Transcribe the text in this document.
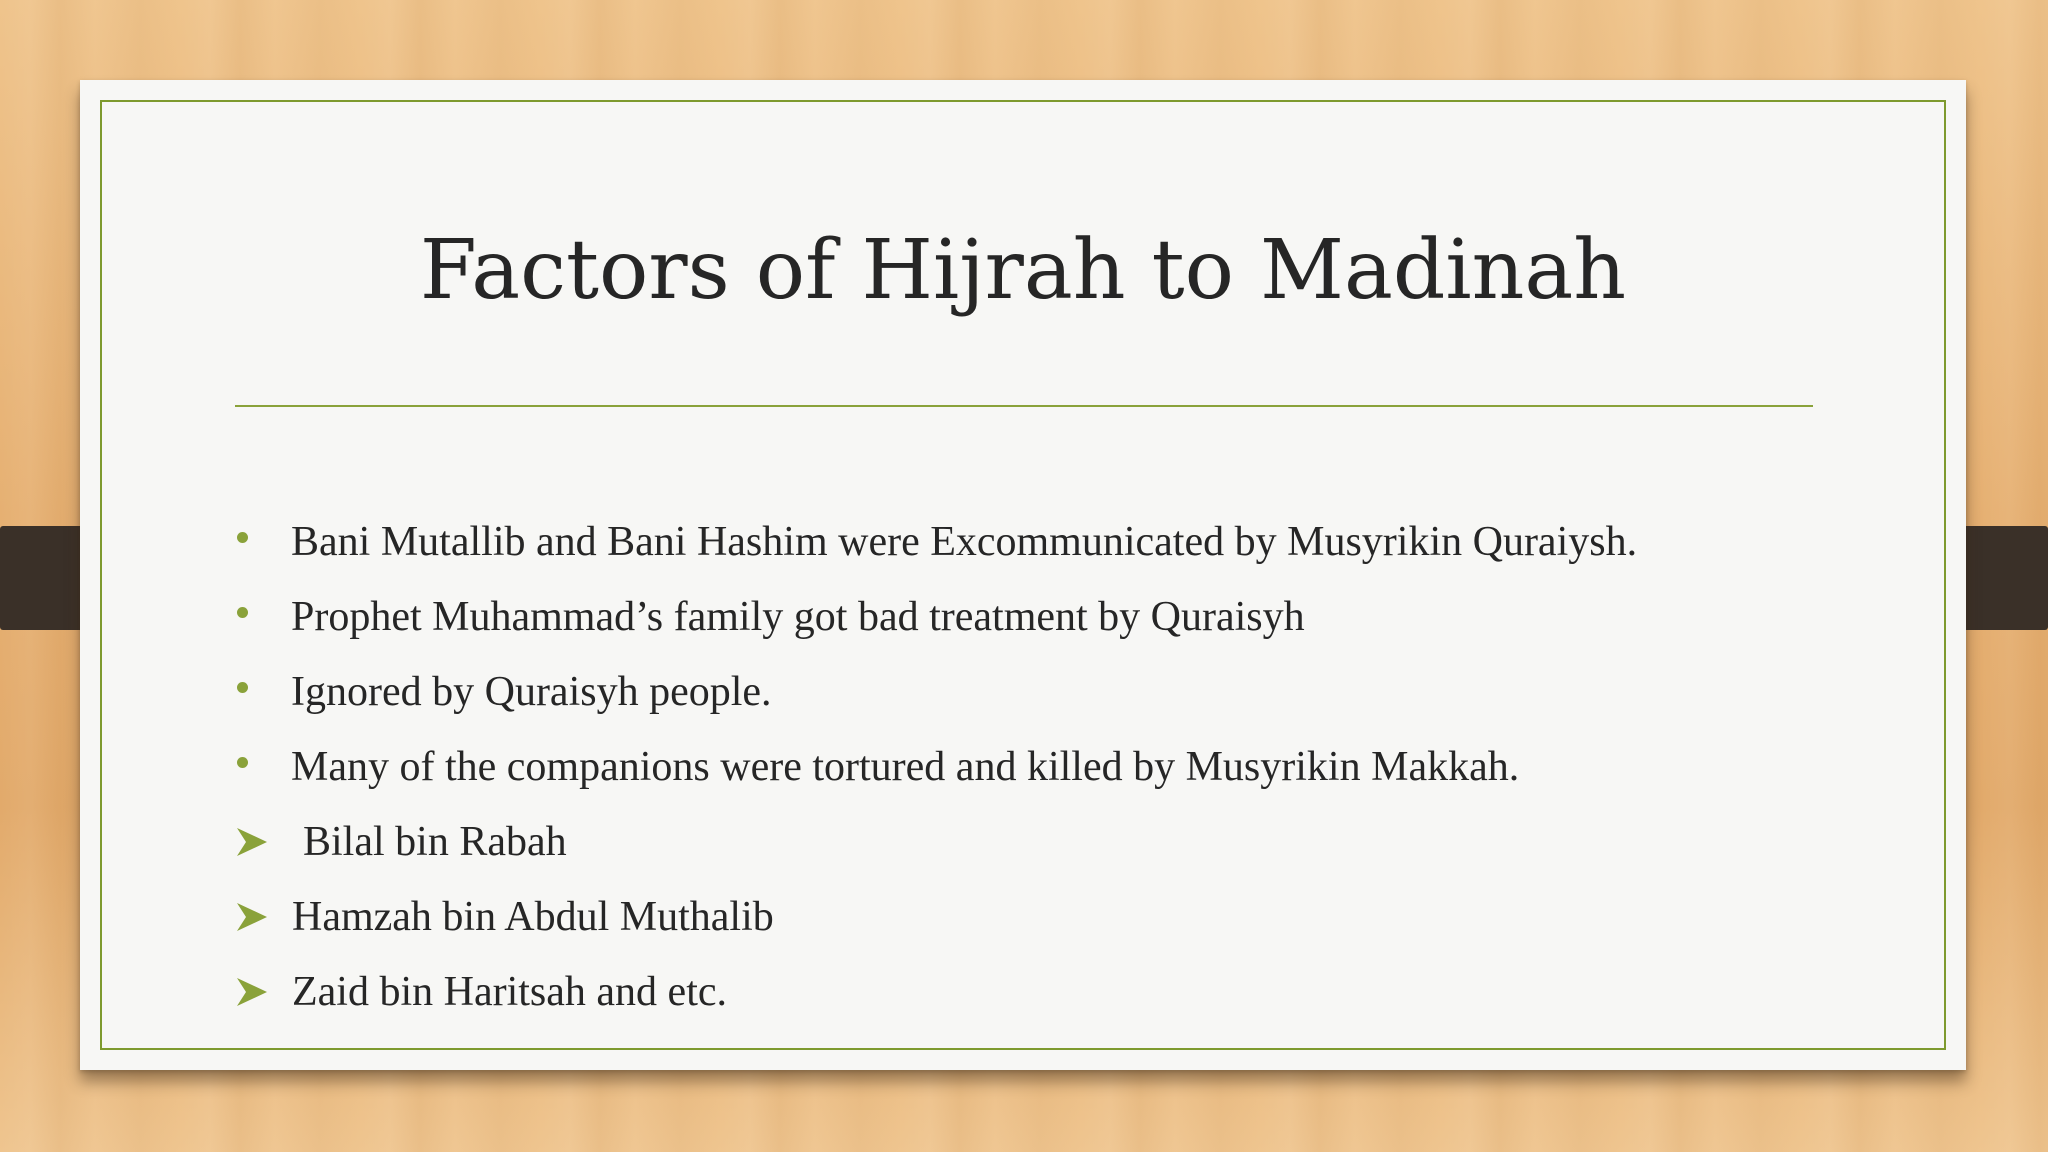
Factors of Hijrah to Madinah
Bani Mutallib and Bani Hashim were Excommunicated by Musyrikin Quraiysh.
Prophet Muhammad’s family got bad treatment by Quraisyh
Ignored by Quraisyh people.
Many of the companions were tortured and killed by Musyrikin Makkah.
Bilal bin Rabah
Hamzah bin Abdul Muthalib
Zaid bin Haritsah and etc.
